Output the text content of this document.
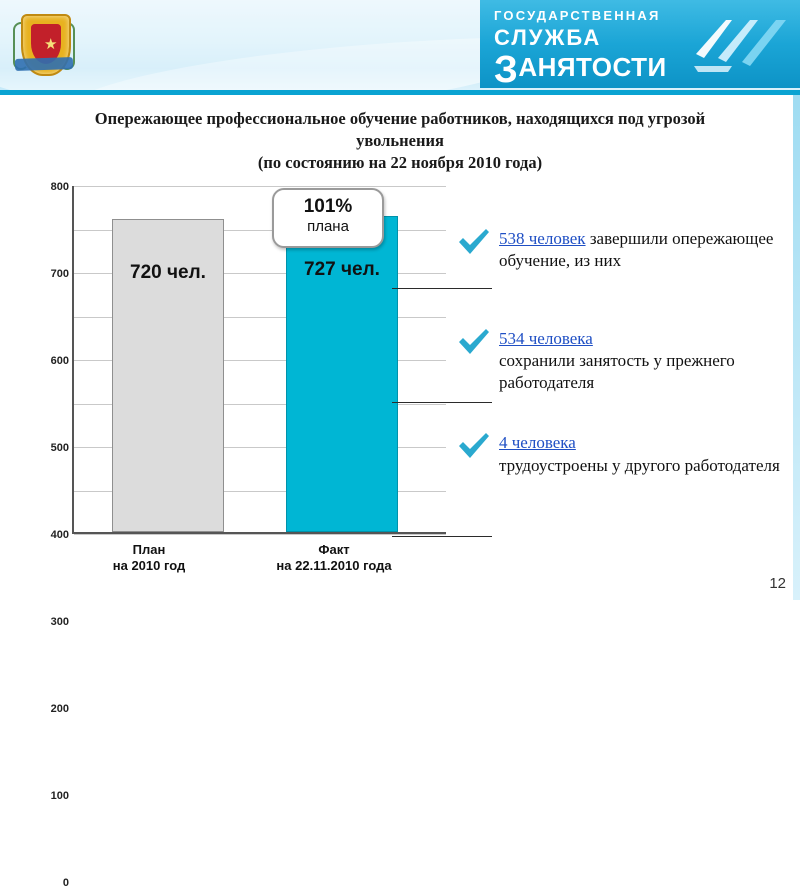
★
ГОСУДАРСТВЕННАЯ
СЛУЖБА
ЗАНЯТОСТИ
Опережающее профессиональное обучение работников, находящихся под угрозой
увольнения
(по состоянию на 22 ноября 2010 года)
0
100
200
300
400
500
600
700
800
720 чел.	727 чел.
План
на 2010 год
Факт
на 22.11.2010 года
101%
плана
538 человек завершили опережающее обучение, из них
534 человека
сохранили занятость у прежнего работодателя
4 человека
трудоустроены у другого работодателя
12
